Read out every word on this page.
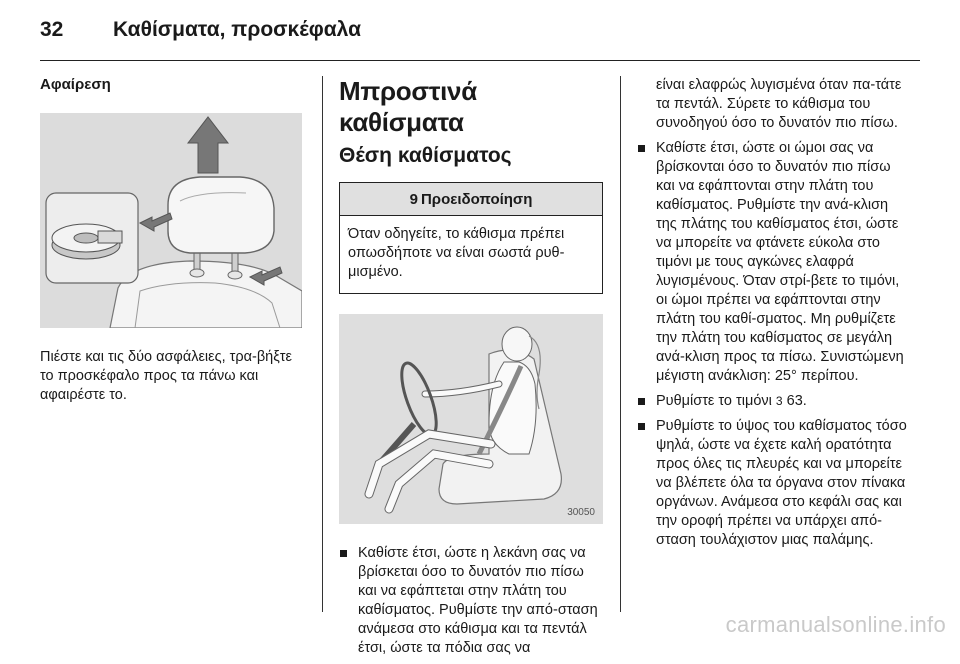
32 Καθίσματα, προσκέφαλα

Αφαίρεση

Πιέστε και τις δύο ασφάλειες, τρα-βήξτε το προσκέφαλο προς τα πάνω και αφαιρέστε το.

Μπροστινά καθίσματα

Θέση καθίσματος

9 Προειδοποίηση
Όταν οδηγείτε, το κάθισμα πρέπει οπωσδήποτε να είναι σωστά ρυθ-μισμένο.
30050
Καθίστε έτσι, ώστε η λεκάνη σας να βρίσκεται όσο το δυνατόν πιο πίσω και να εφάπτεται στην πλάτη του καθίσματος. Ρυθμίστε την από-σταση ανάμεσα στο κάθισμα και τα πεντάλ έτσι, ώστε τα πόδια σας να

είναι ελαφρώς λυγισμένα όταν πα-τάτε τα πεντάλ. Σύρετε το κάθισμα του συνοδηγού όσο το δυνατόν πιο πίσω.

Καθίστε έτσι, ώστε οι ώμοι σας να βρίσκονται όσο το δυνατόν πιο πίσω και να εφάπτονται στην πλάτη του καθίσματος. Ρυθμίστε την ανά-κλιση της πλάτης του καθίσματος έτσι, ώστε να μπορείτε να φτάνετε εύκολα στο τιμόνι με τους αγκώνες ελαφρά λυγισμένους. Όταν στρί-βετε το τιμόνι, οι ώμοι πρέπει να εφάπτονται στην πλάτη του καθί-σματος. Μη ρυθμίζετε την πλάτη του καθίσματος σε μεγάλη ανά-κλιση προς τα πίσω. Συνιστώμενη μέγιστη ανάκλιση: 25° περίπου.
Ρυθμίστε το τιμόνι 3 63.
Ρυθμίστε το ύψος του καθίσματος τόσο ψηλά, ώστε να έχετε καλή ορατότητα προς όλες τις πλευρές και να μπορείτε να βλέπετε όλα τα όργανα στον πίνακα οργάνων. Ανάμεσα στο κεφάλι σας και την οροφή πρέπει να υπάρχει από-σταση τουλάχιστον μιας παλάμης.
carmanualsonline.info
